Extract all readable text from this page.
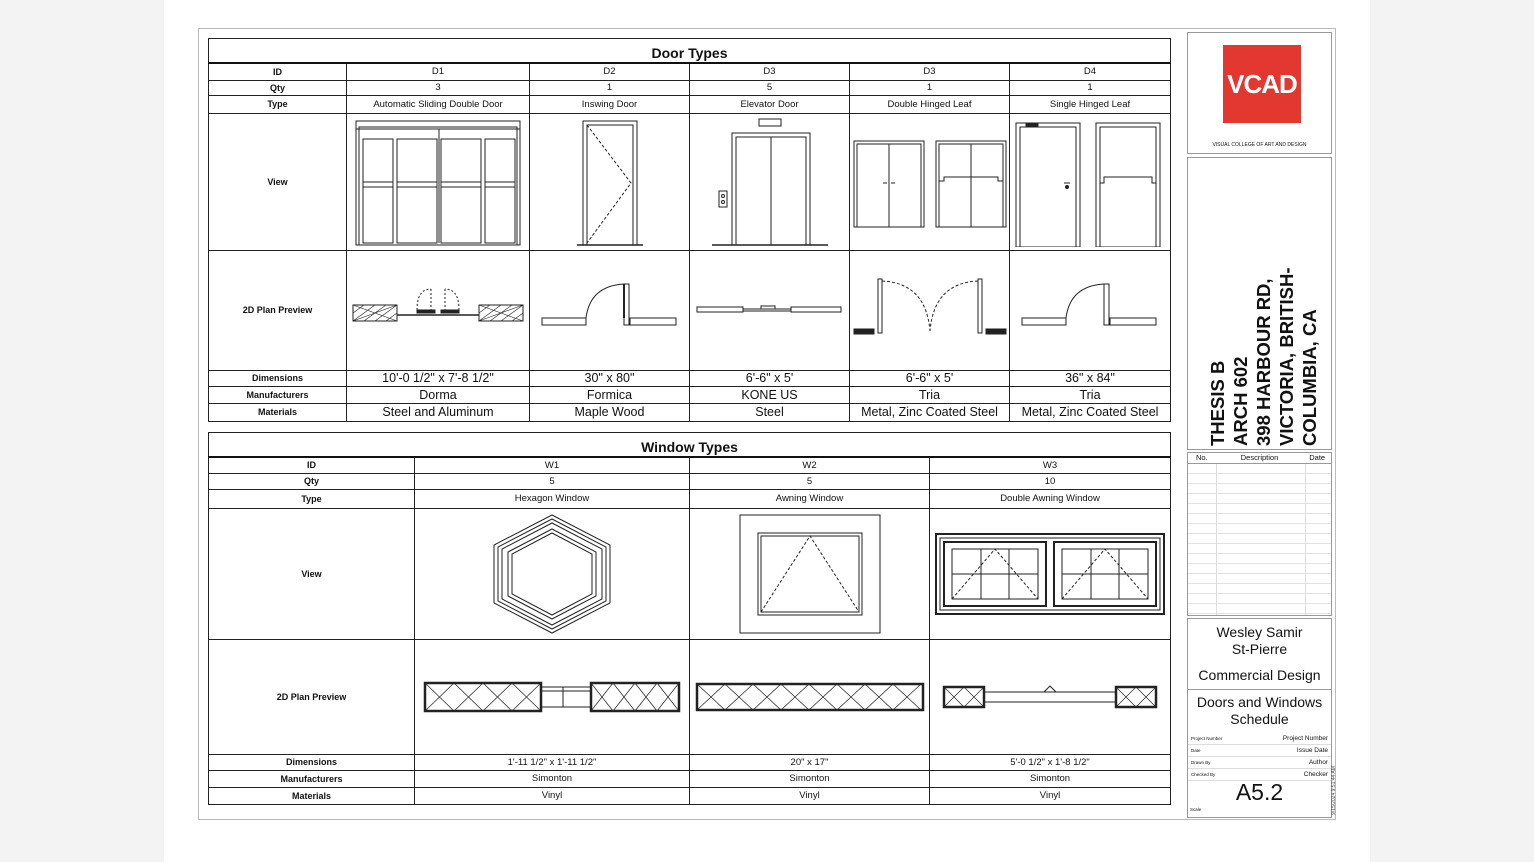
Door Types					
ID	D1	D2	D3	D3	D4
Qty	3	1	5	1	1
Type	Automatic Sliding Double Door	Inswing Door	Elevator Door	Double Hinged Leaf	Single Hinged Leaf
View	

2D Plan Preview	

Dimensions	10'-0 1/2" x 7'-8 1/2"	30" x 80"	6'-6" x 5'	6'-6" x 5'	36" x 84"
Manufacturers	Dorma	Formica	KONE US	Tria	Tria
Materials	Steel and Aluminum	Maple Wood	Steel	Metal, Zinc Coated Steel	Metal, Zinc Coated Steel
Window Types			
ID	W1	W2	W3
Qty	5	5	10
Type	Hexagon Window	Awning Window	Double Awning Window
View	

2D Plan Preview	

Dimensions	1'-11 1/2" x 1'-11 1/2"	20" x 17"	5'-0 1/2" x 1'-8 1/2"
Manufacturers	Simonton	Simonton	Simonton
Materials	Vinyl	Vinyl	Vinyl
VCAD
VISUAL COLLEGE OF ART AND DESIGN
THESIS B ARCH 602 398 HARBOUR RD, VICTORIA, BRITISH- COLUMBIA, CA
No.	Description	Date
Wesley Samir
St-Pierre
Commercial Design
Doors and Windows
Schedule
Project Number	Project Number
Date	Issue Date
Drawn By	Author
Checked By	Checker
A5.2
Scale	9/15/2024 9:51:44 AM
